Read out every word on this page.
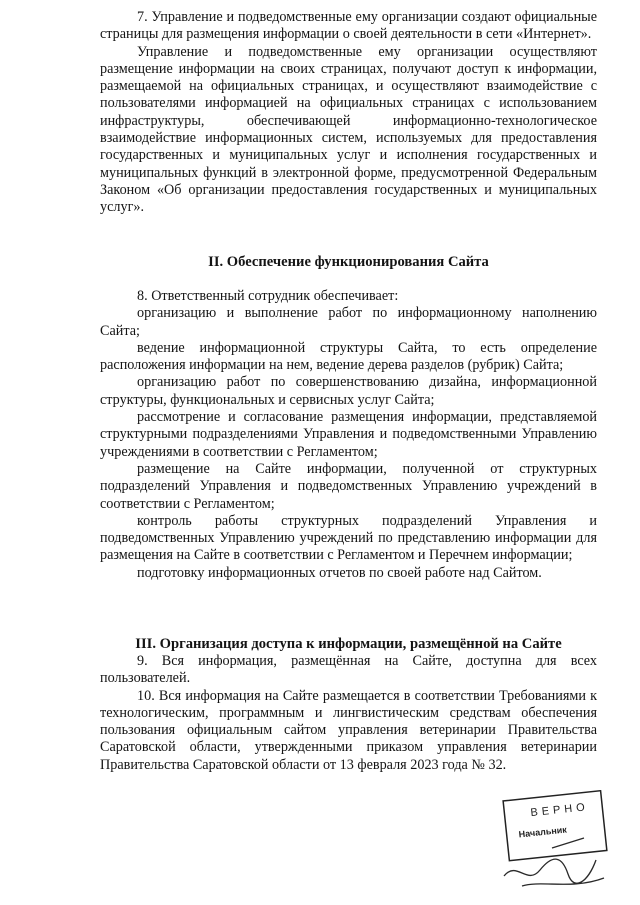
7. Управление и подведомственные ему организации создают официальные страницы для размещения информации о своей деятельности в сети «Интернет».

Управление и подведомственные ему организации осуществляют размещение информации на своих страницах, получают доступ к информации, размещаемой на официальных страницах, и осуществляют взаимодействие с пользователями информацией на официальных страницах с использованием инфраструктуры, обеспечивающей информационно-технологическое взаимодействие информационных систем, используемых для предоставления государственных и муниципальных услуг и исполнения государственных и муниципальных функций в электронной форме, предусмотренной Федеральным Законом «Об организации предоставления государственных и муниципальных услуг».

II. Обеспечение функционирования Сайта

8. Ответственный сотрудник обеспечивает:

организацию и выполнение работ по информационному наполнению Сайта;

ведение информационной структуры Сайта, то есть определение расположения информации на нем, ведение дерева разделов (рубрик) Сайта;

организацию работ по совершенствованию дизайна, информационной структуры, функциональных и сервисных услуг Сайта;

рассмотрение и согласование размещения информации, представляемой структурными подразделениями Управления и подведомственными Управлению учреждениями в соответствии с Регламентом;

размещение на Сайте информации, полученной от структурных подразделений Управления и подведомственных Управлению учреждений в соответствии с Регламентом;

контроль работы структурных подразделений Управления и подведомственных Управлению учреждений по представлению информации для размещения на Сайте в соответствии с Регламентом и Перечнем информации;

подготовку информационных отчетов по своей работе над Сайтом.

III. Организация доступа к информации, размещённой на Сайте

9. Вся информация, размещённая на Сайте, доступна для всех пользователей.

10. Вся информация на Сайте размещается в соответствии Требованиями к технологическим, программным и лингвистическим средствам обеспечения пользования официальным сайтом управления ветеринарии Правительства Саратовской области, утвержденными приказом управления ветеринарии Правительства Саратовской области от 13 февраля 2023 года № 32.

ВЕРНО
Начальник
